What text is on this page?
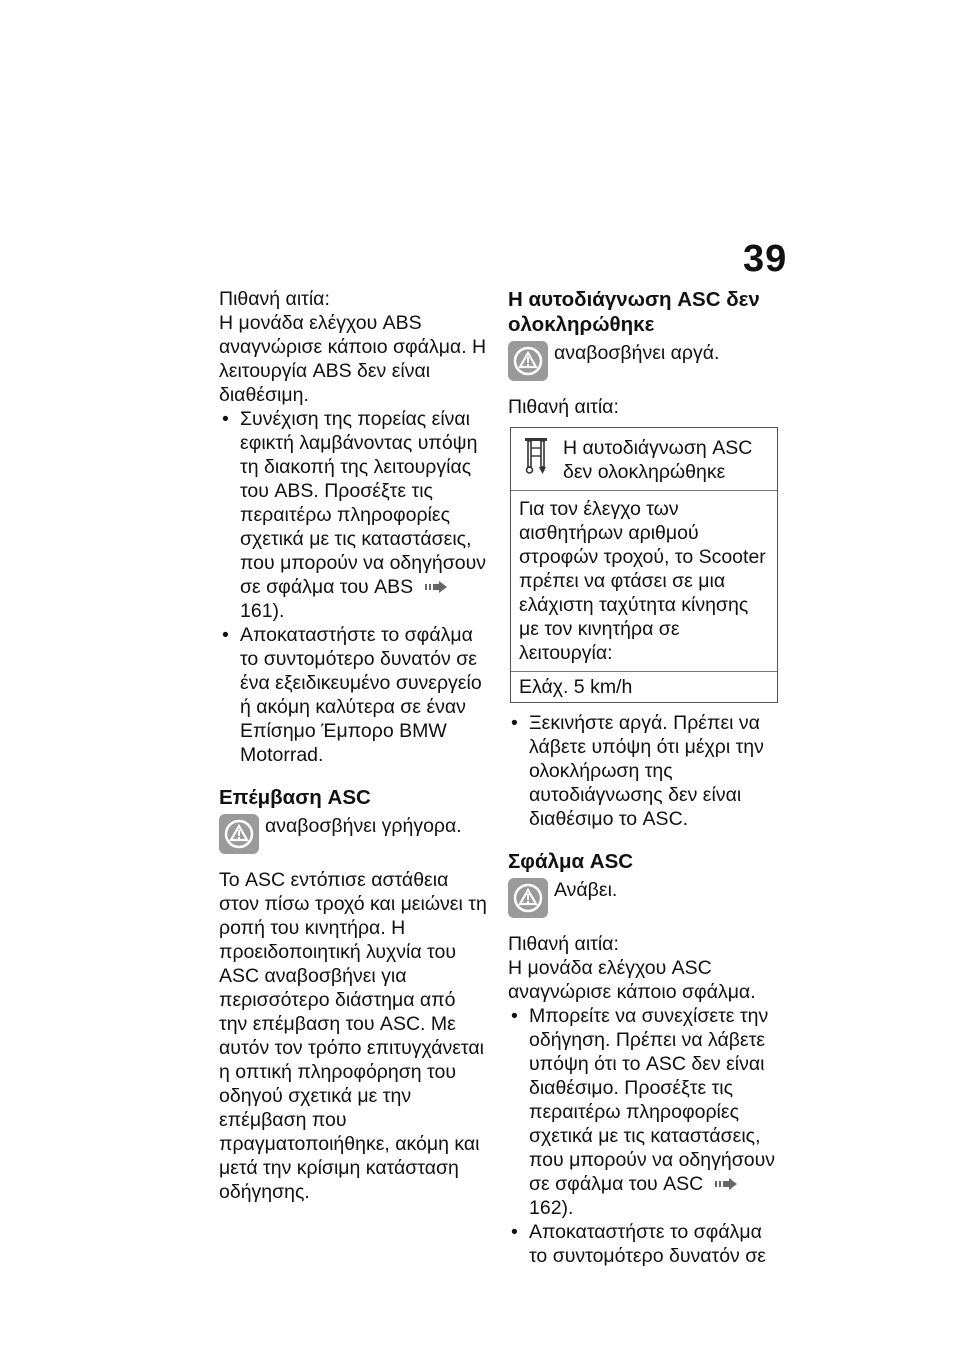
39

Πιθανή αιτία:

Η μονάδα ελέγχου ABS αναγνώρισε κάποιο σφάλμα. Η λειτουργία ABS δεν είναι διαθέσιμη.

• Συνέχιση της πορείας είναι εφικτή λαμβάνοντας υπόψη τη διακοπή της λειτουργίας του ABS. Προσέξτε τις περαιτέρω πληροφορίες σχετικά με τις καταστάσεις, που μπορούν να οδηγήσουν σε σφάλμα του ABS 161).
• Αποκαταστήστε το σφάλμα το συντομότερο δυνατόν σε ένα εξειδικευμένο συνεργείο ή ακόμη καλύτερα σε έναν Επίσημο Έμπορο BMW Motorrad.

Επέμβαση ASC

αναβοσβήνει γρήγορα.

Το ASC εντόπισε αστάθεια στον πίσω τροχό και μειώνει τη ροπή του κινητήρα. Η προειδοποιητική λυχνία του ASC αναβοσβήνει για περισσότερο διάστημα από την επέμβαση του ASC. Με αυτόν τον τρόπο επιτυγχάνεται η οπτική πληροφόρηση του οδηγού σχετικά με την επέμβαση που πραγματοποιήθηκε, ακόμη και μετά την κρίσιμη κατάσταση οδήγησης.

Η αυτοδιάγνωση ASC δεν ολοκληρώθηκε

αναβοσβήνει αργά.

Πιθανή αιτία:

Η αυτοδιάγνωση ASC δεν ολοκληρώθηκε

Για τον έλεγχο των αισθητήρων αριθμού στροφών τροχού, το Scooter πρέπει να φτάσει σε μια ελάχιστη ταχύτητα κίνησης με τον κινητήρα σε λειτουργία:

Ελάχ. 5 km/h
• Ξεκινήστε αργά. Πρέπει να λάβετε υπόψη ότι μέχρι την ολοκλήρωση της αυτοδιάγνωσης δεν είναι διαθέσιμο το ASC.

Σφάλμα ASC

Ανάβει.

Πιθανή αιτία:

Η μονάδα ελέγχου ASC αναγνώρισε κάποιο σφάλμα.

• Μπορείτε να συνεχίσετε την οδήγηση. Πρέπει να λάβετε υπόψη ότι το ASC δεν είναι διαθέσιμο. Προσέξτε τις περαιτέρω πληροφορίες σχετικά με τις καταστάσεις, που μπορούν να οδηγήσουν σε σφάλμα του ASC 162).
• Αποκαταστήστε το σφάλμα το συντομότερο δυνατόν σε
